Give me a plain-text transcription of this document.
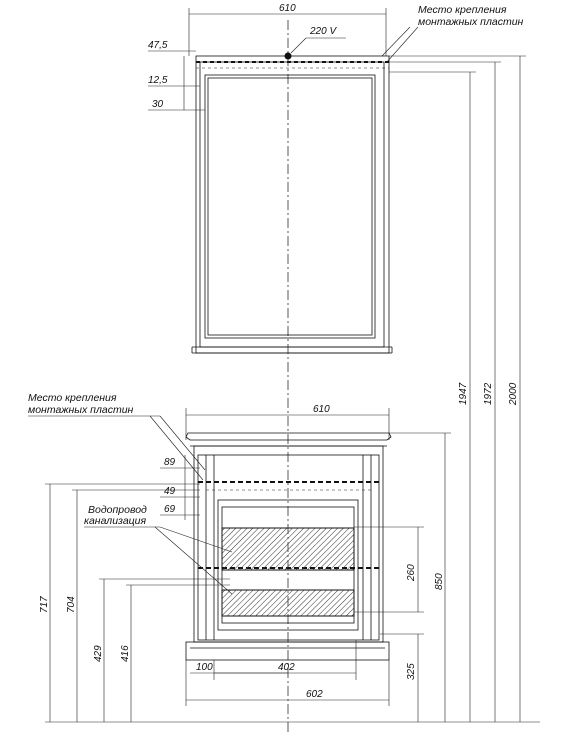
610
220 V
Место крепления
монтажных пластин
47,5
12,5
30
610
Место крепления
монтажных пластин
89
49
69
Водопровод
канализация
100	402
602
717 704
429 416
260
850
325
1947 1972 2000
